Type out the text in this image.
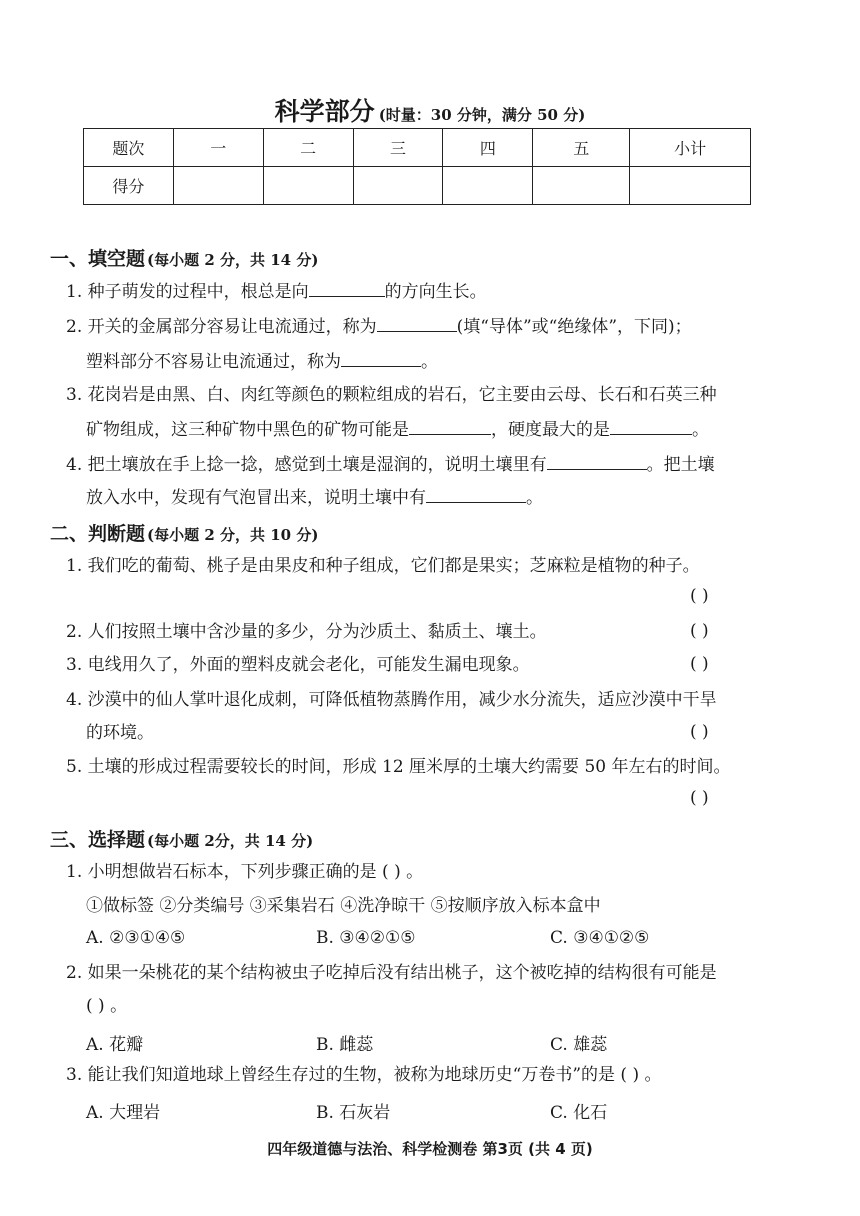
科学部分 (时量：30 分钟，满分 50 分)
题次	一	二	三	四	五	小计
得分						
一、填空题 (每小题 2 分，共 14 分)
1. 种子萌发的过程中，根总是向	的方向生长。
2. 开关的金属部分容易让电流通过，称为	(填“导体”或“绝缘体”，下同)；
塑料部分不容易让电流通过，称为	。
3. 花岗岩是由黑、白、肉红等颜色的颗粒组成的岩石，它主要由云母、长石和石英三种
矿物组成，这三种矿物中黑色的矿物可能是	，硬度最大的是	。
4. 把土壤放在手上捻一捻，感觉到土壤是湿润的，说明土壤里有	。把土壤
放入水中，发现有气泡冒出来，说明土壤中有	。
二、判断题 (每小题 2 分，共 10 分)
1. 我们吃的葡萄、桃子是由果皮和种子组成，它们都是果实；芝麻粒是植物的种子。
( )
2. 人们按照土壤中含沙量的多少，分为沙质土、黏质土、壤土。	( )
3. 电线用久了，外面的塑料皮就会老化，可能发生漏电现象。	( )
4. 沙漠中的仙人掌叶退化成刺，可降低植物蒸腾作用，减少水分流失，适应沙漠中干旱
的环境。	( )
5. 土壤的形成过程需要较长的时间，形成 12 厘米厚的土壤大约需要 50 年左右的时间。
( )
三、选择题 (每小题 2分，共 14 分)
1. 小明想做岩石标本，下列步骤正确的是 ( ) 。
①做标签 ②分类编号 ③采集岩石 ④洗净晾干 ⑤按顺序放入标本盒中
A. ②③①④⑤	B. ③④②①⑤	C. ③④①②⑤
2. 如果一朵桃花的某个结构被虫子吃掉后没有结出桃子，这个被吃掉的结构很有可能是
( ) 。
A. 花瓣	B. 雌蕊	C. 雄蕊
3. 能让我们知道地球上曾经生存过的生物，被称为地球历史“万卷书”的是 ( ) 。
A. 大理岩	B. 石灰岩	C. 化石
四年级道德与法治、科学检测卷 第3页 (共 4 页)
